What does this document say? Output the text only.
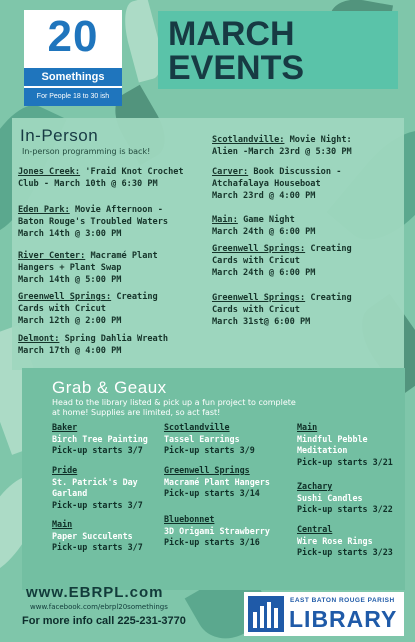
20
Somethings
For People 18 to 30 ish
MARCH
EVENTS
In-Person
In-person programming is back!
Jones Creek: 'Fraid Knot Crochet
Club - March 10th @ 6:30 PM
Eden Park: Movie Afternoon -
Baton Rouge's Troubled Waters
March 14th @ 3:00 PM
River Center: Macramé Plant
Hangers + Plant Swap
March 14th @ 5:00 PM
Greenwell Springs: Creating
Cards with Cricut
March 12th @ 2:00 PM
Delmont: Spring Dahlia Wreath
March 17th @ 4:00 PM
Scotlandville: Movie Night:
Alien -March 23rd @ 5:30 PM
Carver: Book Discussion -
Atchafalaya Houseboat
March 23rd @ 4:00 PM
Main: Game Night
March 24th @ 6:00 PM
Greenwell Springs: Creating
Cards with Cricut
March 24th @ 6:00 PM
Greenwell Springs: Creating
Cards with Cricut
March 31st@ 6:00 PM
Grab & Geaux
Head to the library listed & pick up a fun project to complete
at home! Supplies are limited, so act fast!
Baker
Birch Tree Painting
Pick-up starts 3/7
Pride
St. Patrick's Day
Garland
Pick-up starts 3/7
Main
Paper Succulents
Pick-up starts 3/7
Scotlandville
Tassel Earrings
Pick-up starts 3/9
Greenwell Springs
Macramé Plant Hangers
Pick-up starts 3/14
Bluebonnet
3D Origami Strawberry
Pick-up starts 3/16
Main
Mindful Pebble
Meditation
Pick-up starts 3/21
Zachary
Sushi Candles
Pick-up starts 3/22
Central
Wire Rose Rings
Pick-up starts 3/23
www.EBRPL.com
www.facebook.com/ebrpl20somethings
For more info call 225-231-3770
EAST BATON ROUGE PARISH
LIBRARY
